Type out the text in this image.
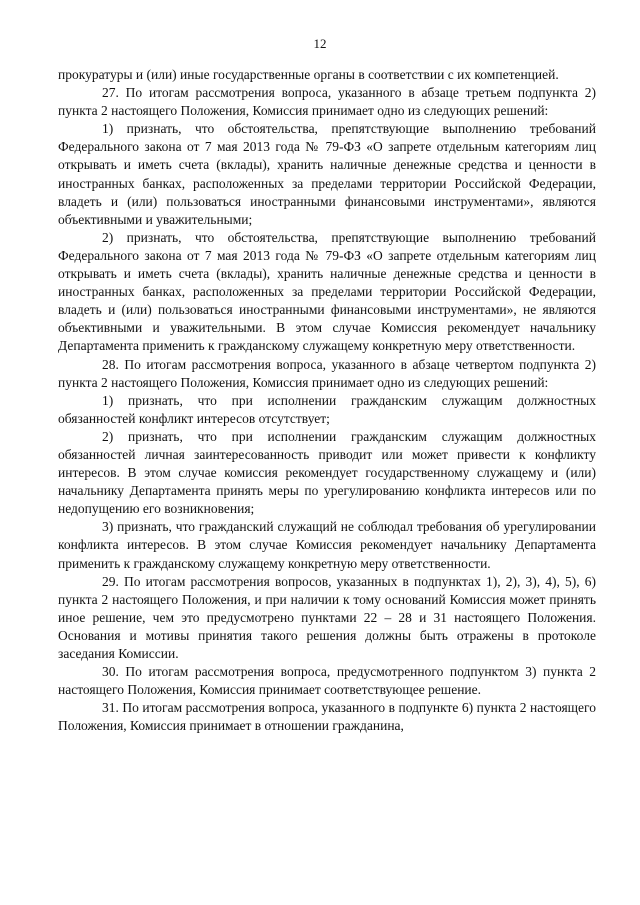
12

прокуратуры и (или) иные государственные органы в соответствии с их компетенцией.

27. По итогам рассмотрения вопроса, указанного в абзаце третьем подпункта 2) пункта 2 настоящего Положения, Комиссия принимает одно из следующих решений:

1) признать, что обстоятельства, препятствующие выполнению требований Федерального закона от 7 мая 2013 года № 79-ФЗ «О запрете отдельным категориям лиц открывать и иметь счета (вклады), хранить наличные денежные средства и ценности в иностранных банках, расположенных за пределами территории Российской Федерации, владеть и (или) пользоваться иностранными финансовыми инструментами», являются объективными и уважительными;

2) признать, что обстоятельства, препятствующие выполнению требований Федерального закона от 7 мая 2013 года № 79-ФЗ «О запрете отдельным категориям лиц открывать и иметь счета (вклады), хранить наличные денежные средства и ценности в иностранных банках, расположенных за пределами территории Российской Федерации, владеть и (или) пользоваться иностранными финансовыми инструментами», не являются объективными и уважительными. В этом случае Комиссия рекомендует начальнику Департамента применить к гражданскому служащему конкретную меру ответственности.

28. По итогам рассмотрения вопроса, указанного в абзаце четвертом подпункта 2) пункта 2 настоящего Положения, Комиссия принимает одно из следующих решений:

1) признать, что при исполнении гражданским служащим должностных обязанностей конфликт интересов отсутствует;

2) признать, что при исполнении гражданским служащим должностных обязанностей личная заинтересованность приводит или может привести к конфликту интересов. В этом случае комиссия рекомендует государственному служащему и (или) начальнику Департамента принять меры по урегулированию конфликта интересов или по недопущению его возникновения;

3) признать, что гражданский служащий не соблюдал требования об урегулировании конфликта интересов. В этом случае Комиссия рекомендует начальнику Департамента применить к гражданскому служащему конкретную меру ответственности.

29. По итогам рассмотрения вопросов, указанных в подпунктах 1), 2), 3), 4), 5), 6) пункта 2 настоящего Положения, и при наличии к тому оснований Комиссия может принять иное решение, чем это предусмотрено пунктами 22 – 28 и 31 настоящего Положения. Основания и мотивы принятия такого решения должны быть отражены в протоколе заседания Комиссии.

30. По итогам рассмотрения вопроса, предусмотренного подпунктом 3) пункта 2 настоящего Положения, Комиссия принимает соответствующее решение.

31. По итогам рассмотрения вопроса, указанного в подпункте 6) пункта 2 настоящего Положения, Комиссия принимает в отношении гражданина,
